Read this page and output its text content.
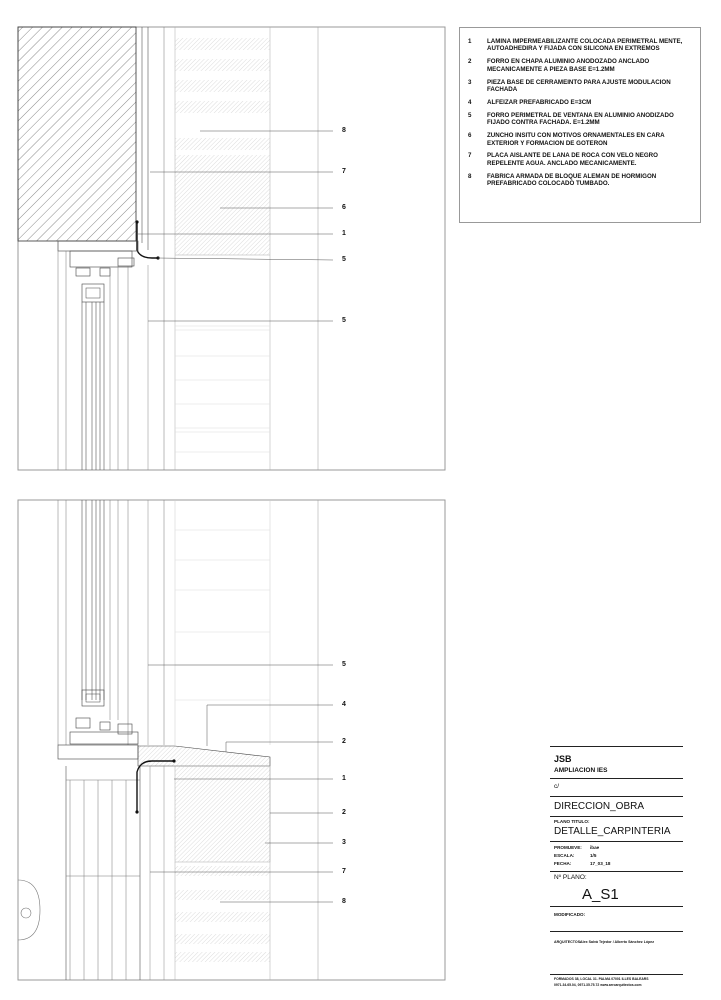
8
7
6
1
5
5
5
4
2
1
2
3
7
8
1	LAMINA IMPERMEABILIZANTE COLOCADA PERIMETRAL MENTE, AUTOADHEDIRA Y FIJADA CON SILICONA EN EXTREMOS
2	FORRO EN CHAPA ALUMINIO ANODOZADO ANCLADO MECANICAMENTE A PIEZA BASE E=1.2MM
3	PIEZA BASE DE CERRAMEINTO PARA AJUSTE MODULACION FACHADA
4	ALFEIZAR PREFABRICADO E=3CM
5	FORRO PERIMETRAL DE VENTANA EN ALUMINIO ANODIZADO FIJADO CONTRA FACHADA. E=1.2MM
6	ZUNCHO INSITU CON MOTIVOS ORNAMENTALES EN CARA EXTERIOR Y FORMACION DE GOTERON
7	PLACA AISLANTE DE LANA DE ROCA CON VELO NEGRO REPELENTE AGUA. ANCLADO MECANICAMENTE.
8	FABRICA ARMADA DE BLOQUE ALEMAN DE HORMIGON PREFABRICADO COLOCADO TUMBADO.
JSB
AMPLIACION IES
c/
DIRECCION_OBRA
PLANO TITULO:
DETALLE_CARPINTERIA
PROMUEVE: ibae
ESCALA:	1/5
FECHA:	17_03_18
Nº PLANO:
A_S1
MODIFICADO:
ARQUITECTOS:
Alex Salvà Tejedor / Alberto Sánchez López
FORMADOS 38, LOCAL 31. PALMA 07001 ILLES BALEARS
0971.34.65.04, 0971.35.75.72 www.arrcarquitectos.com
